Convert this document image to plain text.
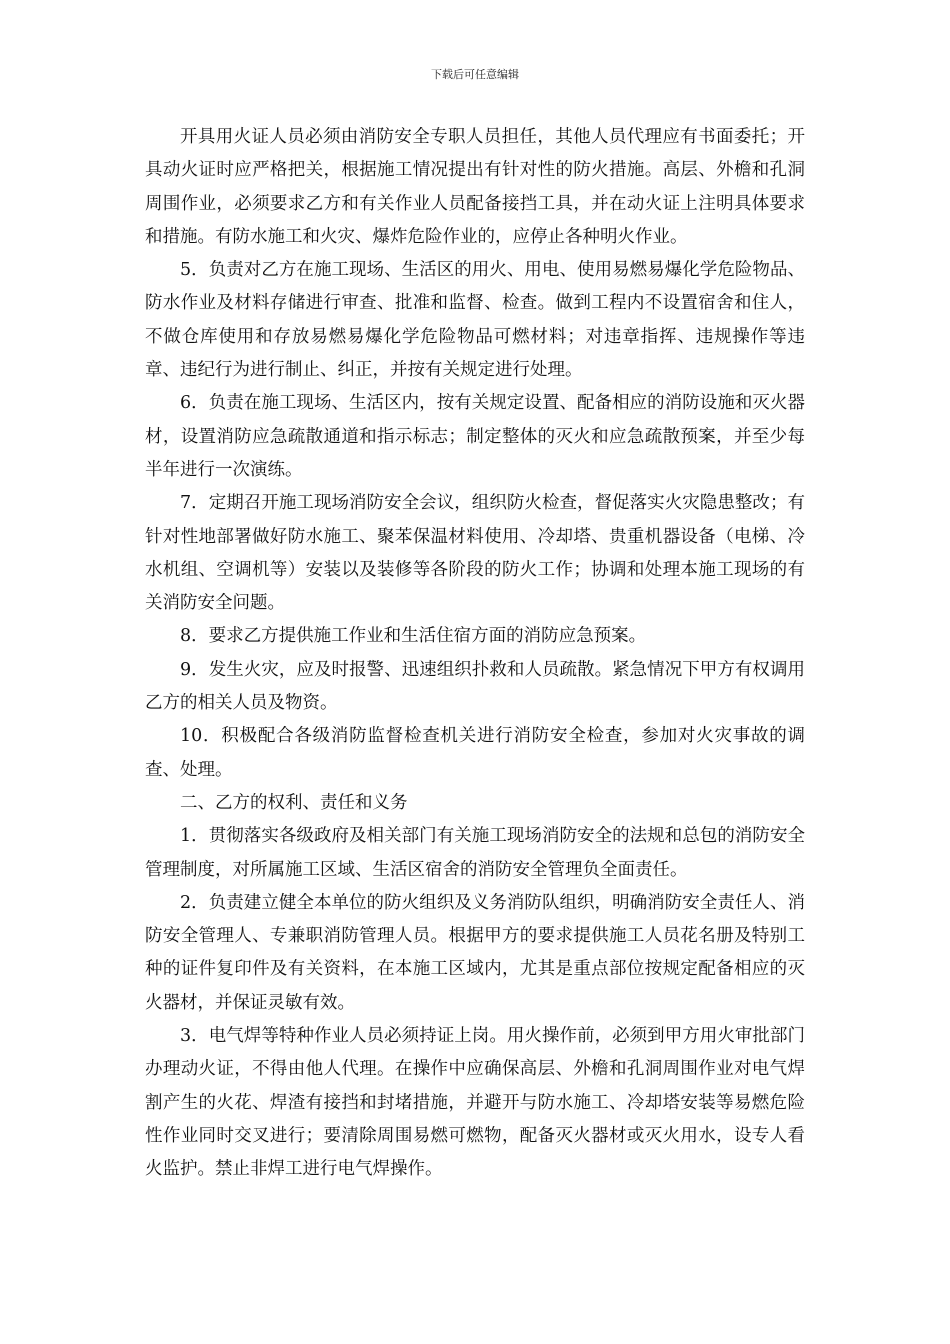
下载后可任意编辑

开具用火证人员必须由消防安全专职人员担任，其他人员代理应有书面委托；开具动火证时应严格把关，根据施工情况提出有针对性的防火措施。高层、外檐和孔洞周围作业，必须要求乙方和有关作业人员配备接挡工具，并在动火证上注明具体要求和措施。有防水施工和火灾、爆炸危险作业的，应停止各种明火作业。

5．负责对乙方在施工现场、生活区的用火、用电、使用易燃易爆化学危险物品、防水作业及材料存储进行审查、批准和监督、检查。做到工程内不设置宿舍和住人，不做仓库使用和存放易燃易爆化学危险物品可燃材料；对违章指挥、违规操作等违章、违纪行为进行制止、纠正，并按有关规定进行处理。

6．负责在施工现场、生活区内，按有关规定设置、配备相应的消防设施和灭火器材，设置消防应急疏散通道和指示标志；制定整体的灭火和应急疏散预案，并至少每半年进行一次演练。

7．定期召开施工现场消防安全会议，组织防火检查，督促落实火灾隐患整改；有针对性地部署做好防水施工、聚苯保温材料使用、冷却塔、贵重机器设备（电梯、冷水机组、空调机等）安装以及装修等各阶段的防火工作；协调和处理本施工现场的有关消防安全问题。

8．要求乙方提供施工作业和生活住宿方面的消防应急预案。

9．发生火灾，应及时报警、迅速组织扑救和人员疏散。紧急情况下甲方有权调用乙方的相关人员及物资。

10．积极配合各级消防监督检查机关进行消防安全检查，参加对火灾事故的调查、处理。

二、乙方的权利、责任和义务

1．贯彻落实各级政府及相关部门有关施工现场消防安全的法规和总包的消防安全管理制度，对所属施工区域、生活区宿舍的消防安全管理负全面责任。

2．负责建立健全本单位的防火组织及义务消防队组织，明确消防安全责任人、消防安全管理人、专兼职消防管理人员。根据甲方的要求提供施工人员花名册及特别工种的证件复印件及有关资料，在本施工区域内，尤其是重点部位按规定配备相应的灭火器材，并保证灵敏有效。

3．电气焊等特种作业人员必须持证上岗。用火操作前，必须到甲方用火审批部门办理动火证，不得由他人代理。在操作中应确保高层、外檐和孔洞周围作业对电气焊割产生的火花、焊渣有接挡和封堵措施，并避开与防水施工、冷却塔安装等易燃危险性作业同时交叉进行；要清除周围易燃可燃物，配备灭火器材或灭火用水，设专人看火监护。禁止非焊工进行电气焊操作。
